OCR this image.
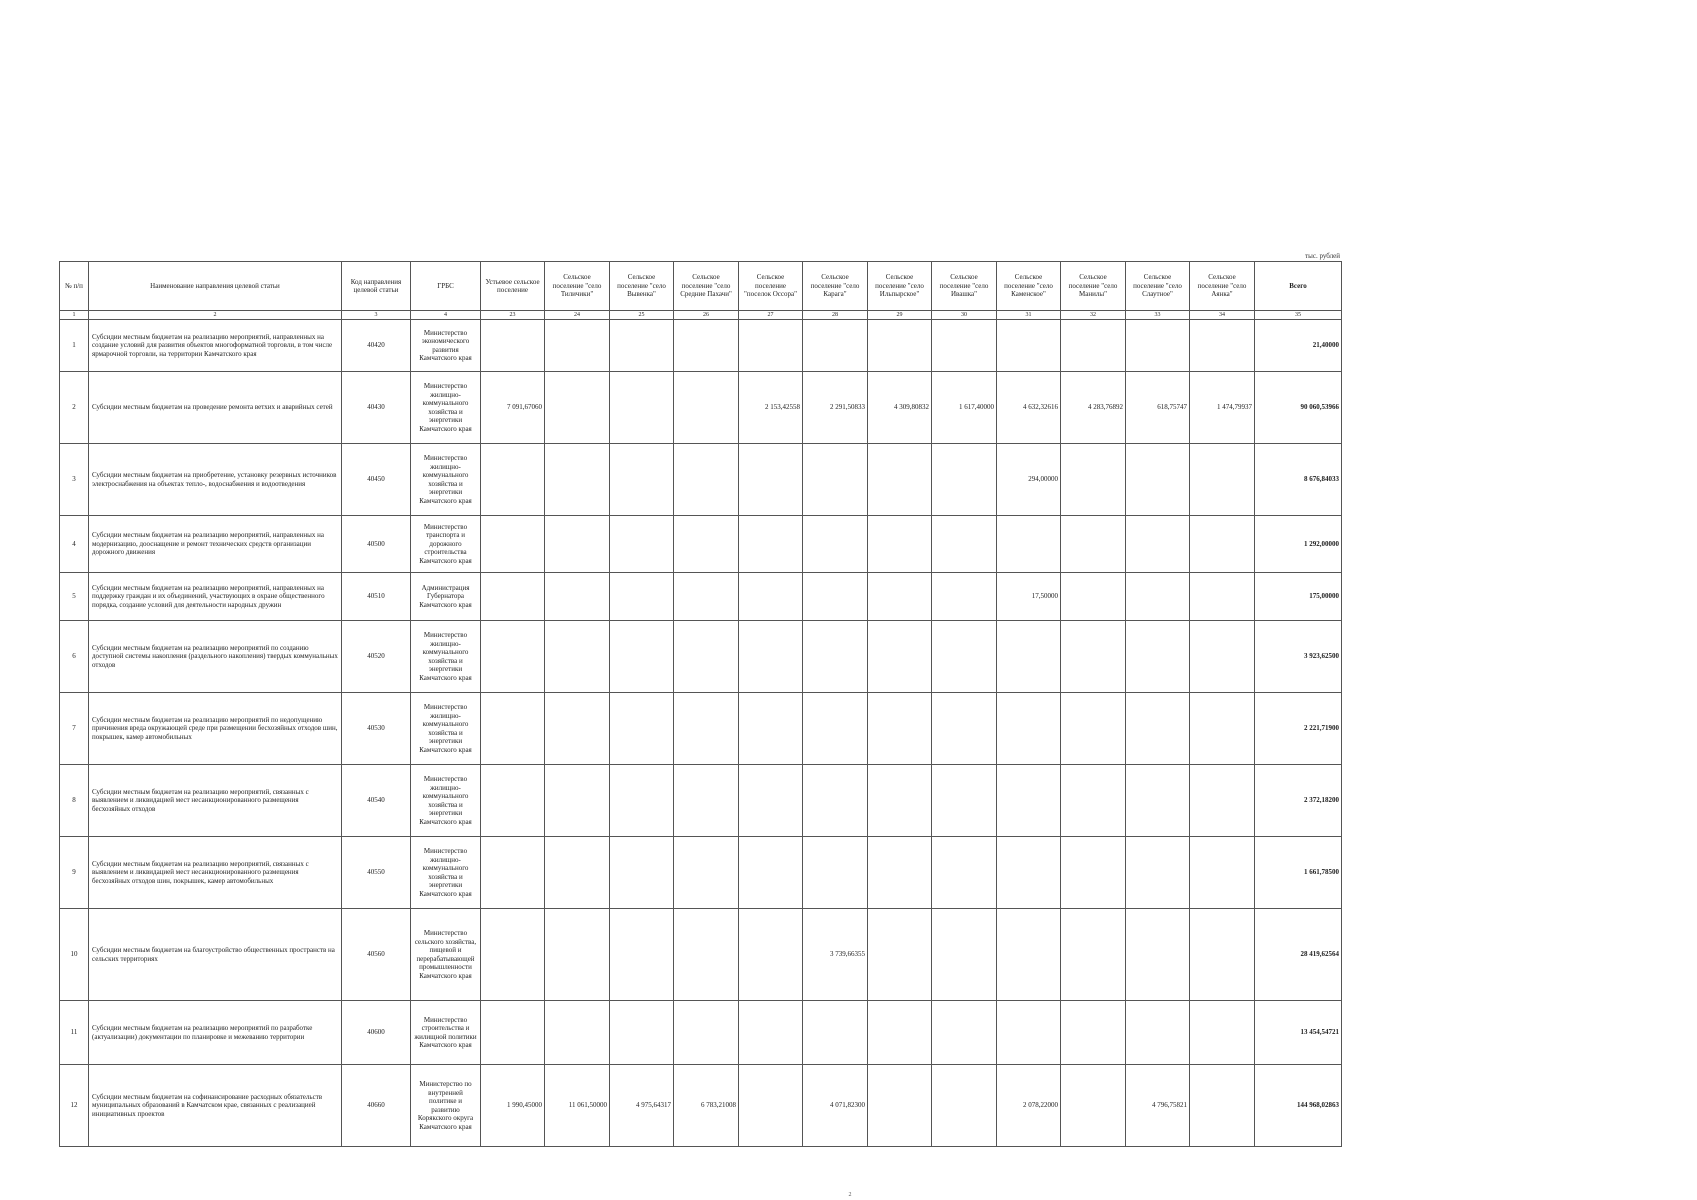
тыс. рублей
№ п/п	Наименование направления целевой статьи	Код направления целевой статьи	ГРБС	Устьевое сельское поселение	Сельское поселение "село Тиличики"	Сельское поселение "село Вывенка"	Сельское поселение "село Средние Пахачи"	Сельское поселение "поселок Оссора"	Сельское поселение "село Карага"	Сельское поселение "село Ильпырское"	Сельское поселение "село Ивашка"	Сельское поселение "село Каменское"	Сельское поселение "село Манилы"	Сельское поселение "село Слаутное"	Сельское поселение "село Аянка"	Всего
1	2	3	4	23	24	25	26	27	28	29	30	31	32	33	34	35
1	Субсидии местным бюджетам на реализацию мероприятий, направленных на создание условий для развития объектов многоформатной торговли, в том числе ярмарочной торговли, на территории Камчатского края	40420	Министерство экономического развития Камчатского края													21,40000
2	Субсидии местным бюджетам на проведение ремонта ветхих и аварийных сетей	40430	Министерство жилищно-коммунального хозяйства и энергетики Камчатского края	7 091,67060				2 153,42558	2 291,50833	4 309,80832	1 617,40000	4 632,32616	4 283,76892	618,75747	1 474,79937	90 060,53966
3	Субсидии местным бюджетам на приобретение, установку резервных источников электроснабжения на объектах тепло-, водоснабжения и водоотведения	40450	Министерство жилищно-коммунального хозяйства и энергетики Камчатского края									294,00000				8 676,84033
4	Субсидии местным бюджетам на реализацию мероприятий, направленных на модернизацию, дооснащение и ремонт технических средств организации дорожного движения	40500	Министерство транспорта и дорожного строительства Камчатского края													1 292,00000
5	Субсидии местным бюджетам на реализацию мероприятий, направленных на поддержку граждан и их объединений, участвующих в охране общественного порядка, создание условий для деятельности народных дружин	40510	Администрация Губернатора Камчатского края									17,50000				175,00000
6	Субсидии местным бюджетам на реализацию мероприятий по созданию доступной системы накопления (раздельного накопления) твердых коммунальных отходов	40520	Министерство жилищно-коммунального хозяйства и энергетики Камчатского края													3 923,62500
7	Субсидии местным бюджетам на реализацию мероприятий по недопущению причинения вреда окружающей среде при размещении бесхозяйных отходов шин, покрышек, камер автомобильных	40530	Министерство жилищно-коммунального хозяйства и энергетики Камчатского края													2 221,71900
8	Субсидии местным бюджетам на реализацию мероприятий, связанных с выявлением и ликвидацией мест несанкционированного размещения бесхозяйных отходов	40540	Министерство жилищно-коммунального хозяйства и энергетики Камчатского края													2 372,18200
9	Субсидии местным бюджетам на реализацию мероприятий, связанных с выявлением и ликвидацией мест несанкционированного размещения бесхозяйных отходов шин, покрышек, камер автомобильных	40550	Министерство жилищно-коммунального хозяйства и энергетики Камчатского края													1 661,78500
10	Субсидии местным бюджетам на благоустройство общественных пространств на сельских территориях	40560	Министерство сельского хозяйства, пищевой и перерабатывающей промышленности Камчатского края						3 739,66355							28 419,62564
11	Субсидии местным бюджетам на реализацию мероприятий по разработке (актуализации) документации по планировке и межеванию территории	40600	Министерство строительства и жилищной политики Камчатского края													13 454,54721
12	Субсидии местным бюджетам на софинансирование расходных обязательств муниципальных образований в Камчатском крае, связанных с реализацией инициативных проектов	40660	Министерство по внутренней политике и развитию Корякского округа Камчатского края	1 990,45000	11 061,50000	4 975,64317	6 783,21008		4 071,82300			2 078,22000		4 796,75821		144 968,02863
2
